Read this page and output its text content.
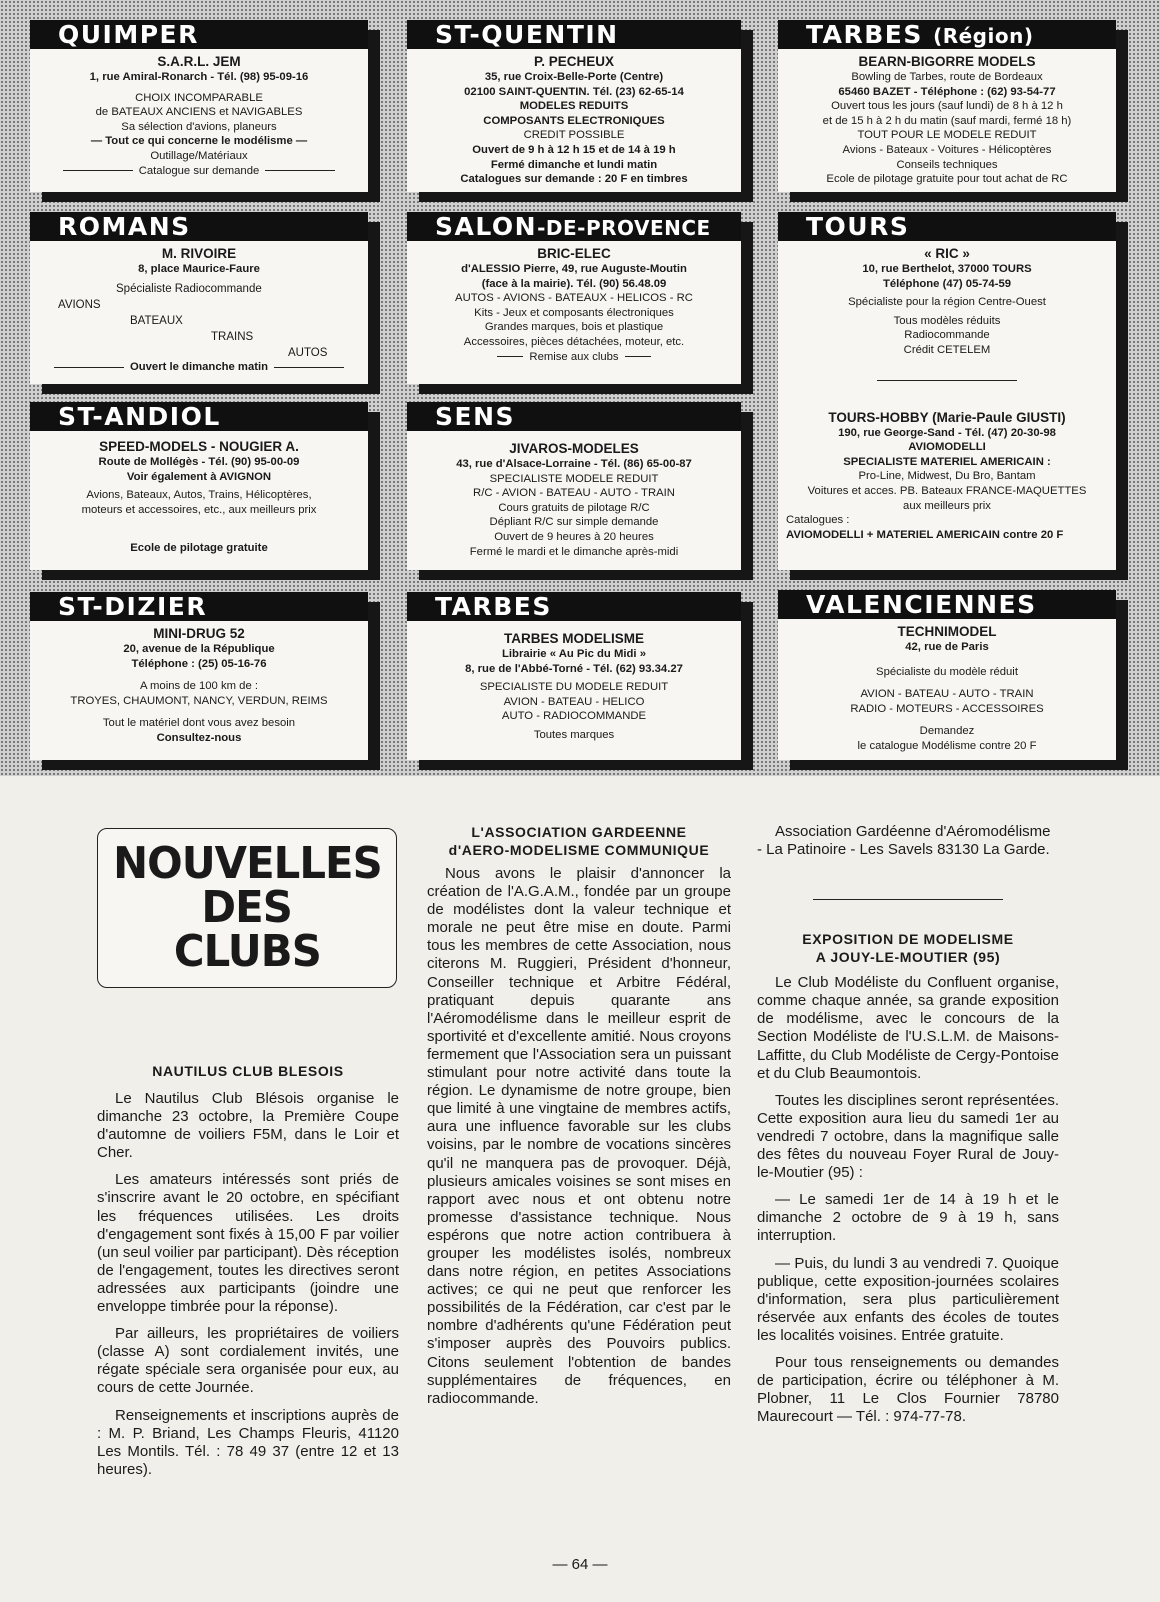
QUIMPER
S.A.R.L. JEM
1, rue Amiral-Ronarch - Tél. (98) 95-09-16
CHOIX INCOMPARABLE
de BATEAUX ANCIENS et NAVIGABLES
Sa sélection d'avions, planeurs
— Tout ce qui concerne le modélisme —
Outillage/Matériaux
Catalogue sur demande
ST-QUENTIN
P. PECHEUX
35, rue Croix-Belle-Porte (Centre)
02100 SAINT-QUENTIN. Tél. (23) 62-65-14
MODELES REDUITS
COMPOSANTS ELECTRONIQUES
CREDIT POSSIBLE
Ouvert de 9 h à 12 h 15 et de 14 à 19 h
Fermé dimanche et lundi matin
Catalogues sur demande : 20 F en timbres
TARBES (Région)
BEARN-BIGORRE MODELS
Bowling de Tarbes, route de Bordeaux
65460 BAZET - Téléphone : (62) 93-54-77
Ouvert tous les jours (sauf lundi) de 8 h à 12 h
et de 15 h à 2 h du matin (sauf mardi, fermé 18 h)
TOUT POUR LE MODELE REDUIT
Avions - Bateaux - Voitures - Hélicoptères
Conseils techniques
Ecole de pilotage gratuite pour tout achat de RC
ROMANS
M. RIVOIRE
8, place Maurice-Faure
Spécialiste Radiocommande
AVIONS
BATEAUX
TRAINS
AUTOS
Ouvert le dimanche matin
SALON-DE-PROVENCE
BRIC-ELEC
d'ALESSIO Pierre, 49, rue Auguste-Moutin
(face à la mairie). Tél. (90) 56.48.09
AUTOS - AVIONS - BATEAUX - HELICOS - RC
Kits - Jeux et composants électroniques
Grandes marques, bois et plastique
Accessoires, pièces détachées, moteur, etc.
Remise aux clubs
TOURS
« RIC »
10, rue Berthelot, 37000 TOURS
Téléphone (47) 05-74-59
Spécialiste pour la région Centre-Ouest
Tous modèles réduits
Radiocommande
Crédit CETELEM
TOURS-HOBBY (Marie-Paule GIUSTI)
190, rue George-Sand - Tél. (47) 20-30-98
AVIOMODELLI
SPECIALISTE MATERIEL AMERICAIN :
Pro-Line, Midwest, Du Bro, Bantam
Voitures et acces. PB. Bateaux FRANCE-MAQUETTES
aux meilleurs prix
Catalogues :
AVIOMODELLI + MATERIEL AMERICAIN contre 20 F
ST-ANDIOL
SPEED-MODELS - NOUGIER A.
Route de Mollégès - Tél. (90) 95-00-09
Voir également à AVIGNON
Avions, Bateaux, Autos, Trains, Hélicoptères,
moteurs et accessoires, etc., aux meilleurs prix
Ecole de pilotage gratuite
SENS
JIVAROS-MODELES
43, rue d'Alsace-Lorraine - Tél. (86) 65-00-87
SPECIALISTE MODELE REDUIT
R/C - AVION - BATEAU - AUTO - TRAIN
Cours gratuits de pilotage R/C
Dépliant R/C sur simple demande
Ouvert de 9 heures à 20 heures
Fermé le mardi et le dimanche après-midi
ST-DIZIER
MINI-DRUG 52
20, avenue de la République
Téléphone : (25) 05-16-76
A moins de 100 km de :
TROYES, CHAUMONT, NANCY, VERDUN, REIMS
Tout le matériel dont vous avez besoin
Consultez-nous
TARBES
TARBES MODELISME
Librairie « Au Pic du Midi »
8, rue de l'Abbé-Torné - Tél. (62) 93.34.27
SPECIALISTE DU MODELE REDUIT
AVION - BATEAU - HELICO
AUTO - RADIOCOMMANDE
Toutes marques
VALENCIENNES
TECHNIMODEL
42, rue de Paris
Spécialiste du modèle réduit
AVION - BATEAU - AUTO - TRAIN
RADIO - MOTEURS - ACCESSOIRES
Demandez
le catalogue Modélisme contre 20 F
NOUVELLES
DES
CLUBS
NAUTILUS CLUB BLESOIS

Le Nautilus Club Blésois organise le dimanche 23 octobre, la Première Coupe d'automne de voiliers F5M, dans le Loir et Cher.

Les amateurs intéressés sont priés de s'inscrire avant le 20 octobre, en spécifiant les fréquences utilisées. Les droits d'engagement sont fixés à 15,00 F par voilier (un seul voilier par participant). Dès réception de l'engagement, toutes les directives seront adressées aux participants (joindre une enveloppe timbrée pour la réponse).

Par ailleurs, les propriétaires de voiliers (classe A) sont cordialement invités, une régate spéciale sera organisée pour eux, au cours de cette Journée.

Renseignements et inscriptions auprès de : M. P. Briand, Les Champs Fleuris, 41120 Les Montils. Tél. : 78 49 37 (entre 12 et 13 heures).

L'ASSOCIATION GARDEENNE
d'AERO-MODELISME COMMUNIQUE

Nous avons le plaisir d'annoncer la création de l'A.G.A.M., fondée par un groupe de modélistes dont la valeur technique et morale ne peut être mise en doute. Parmi tous les membres de cette Association, nous citerons M. Ruggieri, Président d'honneur, Conseiller technique et Arbitre Fédéral, pratiquant depuis quarante ans l'Aéromodélisme dans le meilleur esprit de sportivité et d'excellente amitié. Nous croyons fermement que l'Association sera un puissant stimulant pour notre activité dans toute la région. Le dynamisme de notre groupe, bien que limité à une vingtaine de membres actifs, aura une influence favorable sur les clubs voisins, par le nombre de vocations sincères qu'il ne manquera pas de provoquer. Déjà, plusieurs amicales voisines se sont mises en rapport avec nous et ont obtenu notre promesse d'assistance technique. Nous espérons que notre action contribuera à grouper les modélistes isolés, nombreux dans notre région, en petites Associations actives; ce qui ne peut que renforcer les possibilités de la Fédération, car c'est par le nombre d'adhérents qu'une Fédération peut s'imposer auprès des Pouvoirs publics. Citons seulement l'obtention de bandes supplémentaires de fréquences, en radiocommande.

Association Gardéenne d'Aéromodélisme - La Patinoire - Les Savels 83130 La Garde.

EXPOSITION DE MODELISME
A JOUY-LE-MOUTIER (95)

Le Club Modéliste du Confluent organise, comme chaque année, sa grande exposition de modélisme, avec le concours de la Section Modéliste de l'U.S.L.M. de Maisons-Laffitte, du Club Modéliste de Cergy-Pontoise et du Club Beaumontois.

Toutes les disciplines seront représentées. Cette exposition aura lieu du samedi 1er au vendredi 7 octobre, dans la magnifique salle des fêtes du nouveau Foyer Rural de Jouy-le-Moutier (95) :

— Le samedi 1er de 14 à 19 h et le dimanche 2 octobre de 9 à 19 h, sans interruption.

— Puis, du lundi 3 au vendredi 7. Quoique publique, cette exposition-journées scolaires d'information, sera plus particulièrement réservée aux enfants des écoles de toutes les localités voisines. Entrée gratuite.

Pour tous renseignements ou demandes de participation, écrire ou téléphoner à M. Plobner, 11 Le Clos Fournier 78780 Maurecourt — Tél. : 974-77-78.

— 64 —
